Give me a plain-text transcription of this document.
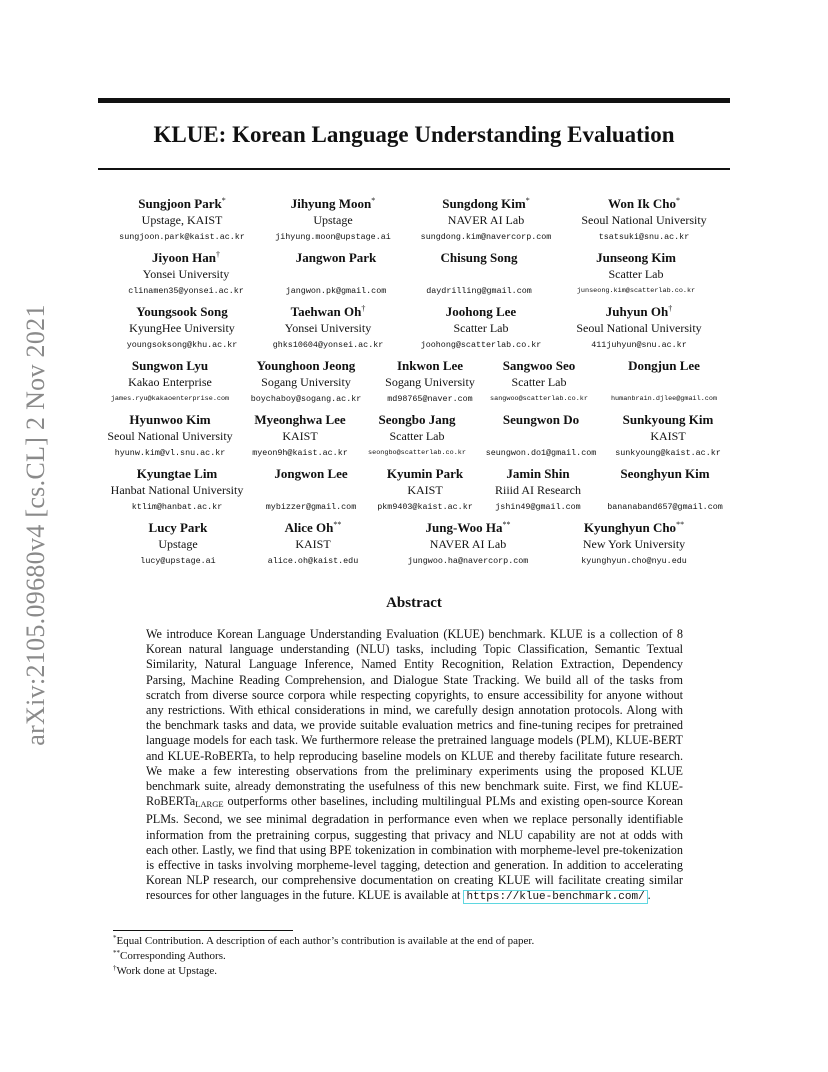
arXiv:2105.09680v4 [cs.CL] 2 Nov 2021
KLUE: Korean Language Understanding Evaluation
Sungjoon Park*
Upstage, KAIST
sungjoon.park@kaist.ac.kr
Jihyung Moon*
Upstage
jihyung.moon@upstage.ai
Sungdong Kim*
NAVER AI Lab
sungdong.kim@navercorp.com
Won Ik Cho*
Seoul National University
tsatsuki@snu.ac.kr
Jiyoon Han†
Yonsei University
clinamen35@yonsei.ac.kr
Jangwon Park

jangwon.pk@gmail.com
Chisung Song

daydrilling@gmail.com
Junseong Kim
Scatter Lab
junseong.kim@scatterlab.co.kr
Youngsook Song
KyungHee University
youngsoksong@khu.ac.kr
Taehwan Oh†
Yonsei University
ghks10604@yonsei.ac.kr
Joohong Lee
Scatter Lab
joohong@scatterlab.co.kr
Juhyun Oh†
Seoul National University
411juhyun@snu.ac.kr
Sungwon Lyu
Kakao Enterprise
james.ryu@kakaoenterprise.com
Younghoon Jeong
Sogang University
boychaboy@sogang.ac.kr
Inkwon Lee
Sogang University
md98765@naver.com
Sangwoo Seo
Scatter Lab
sangwoo@scatterlab.co.kr
Dongjun Lee

humanbrain.djlee@gmail.com
Hyunwoo Kim
Seoul National University
hyunw.kim@vl.snu.ac.kr
Myeonghwa Lee
KAIST
myeon9h@kaist.ac.kr
Seongbo Jang
Scatter Lab
seongbo@scatterlab.co.kr
Seungwon Do

seungwon.do1@gmail.com
Sunkyoung Kim
KAIST
sunkyoung@kaist.ac.kr
Kyungtae Lim
Hanbat National University
ktlim@hanbat.ac.kr
Jongwon Lee

mybizzer@gmail.com
Kyumin Park
KAIST
pkm9403@kaist.ac.kr
Jamin Shin
Riiid AI Research
jshin49@gmail.com
Seonghyun Kim

bananaband657@gmail.com
Lucy Park
Upstage
lucy@upstage.ai
Alice Oh**
KAIST
alice.oh@kaist.edu
Jung-Woo Ha**
NAVER AI Lab
jungwoo.ha@navercorp.com
Kyunghyun Cho**
New York University
kyunghyun.cho@nyu.edu
Abstract
We introduce Korean Language Understanding Evaluation (KLUE) benchmark. KLUE is a collection of 8 Korean natural language understanding (NLU) tasks, including Topic Classification, Semantic Textual Similarity, Natural Language Inference, Named Entity Recognition, Relation Extraction, Dependency Parsing, Machine Reading Comprehension, and Dialogue State Tracking. We build all of the tasks from scratch from diverse source corpora while respecting copyrights, to ensure accessibility for anyone without any restrictions. With ethical considerations in mind, we carefully design annotation protocols. Along with the benchmark tasks and data, we provide suitable evaluation metrics and fine-tuning recipes for pretrained language models for each task. We furthermore release the pretrained language models (PLM), KLUE-BERT and KLUE-RoBERTa, to help reproducing baseline models on KLUE and thereby facilitate future research. We make a few interesting observations from the preliminary experiments using the proposed KLUE benchmark suite, already demonstrating the usefulness of this new benchmark suite. First, we find KLUE-RoBERTa$_{LARGE}$ outperforms other baselines, including multilingual PLMs and existing open-source Korean PLMs. Second, we see minimal degradation in performance even when we replace personally identifiable information from the pretraining corpus, suggesting that privacy and NLU capability are not at odds with each other. Lastly, we find that using BPE tokenization in combination with morpheme-level pre-tokenization is effective in tasks involving morpheme-level tagging, detection and generation. In addition to accelerating Korean NLP research, our comprehensive documentation on creating KLUE will facilitate creating similar resources for other languages in the future. KLUE is available at https://klue-benchmark.com/ .
*Equal Contribution. A description of each author’s contribution is available at the end of paper.
**Corresponding Authors.
†Work done at Upstage.
